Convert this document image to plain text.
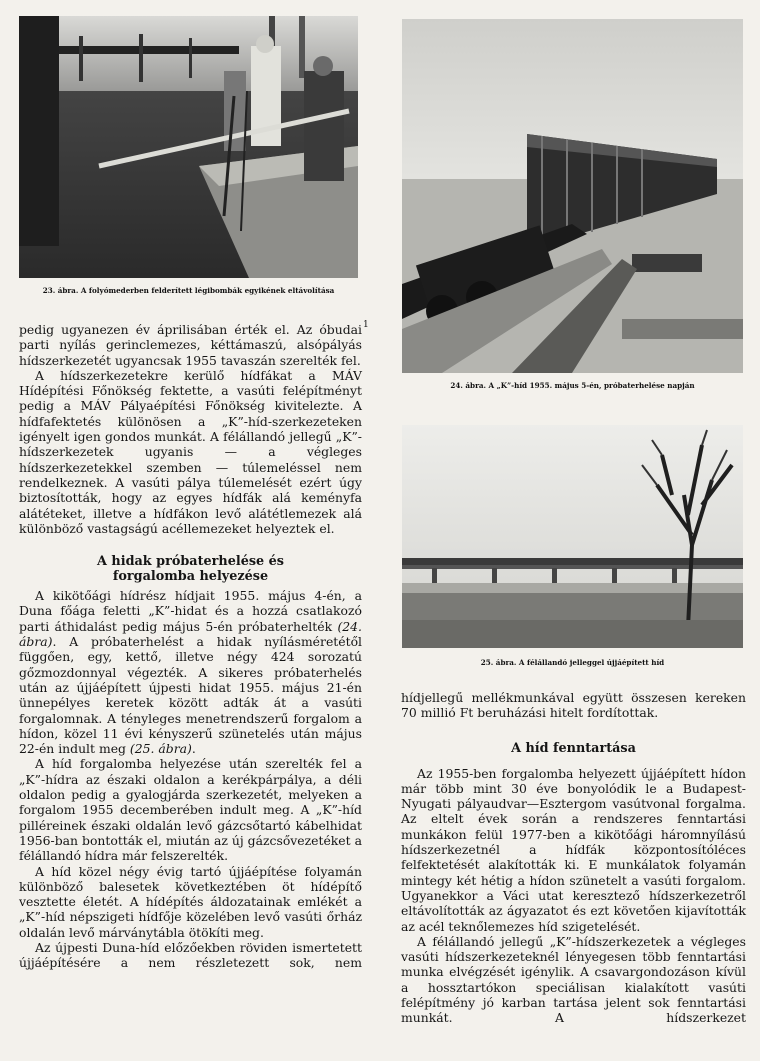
23. ábra. A folyómederben felderített légibombák egyikének eltávolítása
24. ábra. A „K”-híd 1955. május 5-én, próbaterhelése napján
25. ábra. A félállandó jelleggel újjáépített híd

pedig ugyanezen év áprilisában érték el. Az óbudai parti nyílás gerinclemezes, kéttámaszú, alsópályás hídszerkezetét ugyancsak 1955 tavaszán szerelték fel.

A hídszerkezetekre kerülő hídfákat a MÁV Hídépítési Főnökség fektette, a vasúti felépítményt pedig a MÁV Pályaépítési Főnökség kivitelezte. A hídfafektetés különösen a „K”-híd-szerkezeteken igényelt igen gondos munkát. A félállandó jellegű „K”-hídszerkezetek ugyanis — a végleges hídszerkezetekkel szemben — túlemeléssel nem rendelkeznek. A vasúti pálya túlemelését ezért úgy biztosították, hogy az egyes hídfák alá keményfa alátéteket, illetve a hídfákon levő alátétlemezek alá különböző vastagságú acéllemezeket helyeztek el.

A hidak próbaterhelése és
forgalomba helyezése

A kikötőági hídrész hídjait 1955. május 4-én, a Duna főága feletti „K”-hidat és a hozzá csatlakozó parti áthidalást pedig május 5-én próbaterhelték (24. ábra). A próbaterhelést a hidak nyílásméretétől függően, egy, kettő, illetve négy 424 sorozatú gőzmozdonnyal végezték. A sikeres próbaterhelés után az újjáépített újpesti hidat 1955. május 21-én ünnepélyes keretek között adták át a vasúti forgalomnak. A tényleges menetrendszerű forgalom a hídon, közel 11 évi kényszerű szünetelés után május 22-én indult meg (25. ábra).

A híd forgalomba helyezése után szerelték fel a „K”-hídra az északi oldalon a kerékpárpálya, a déli oldalon pedig a gyalogjárda szerkezetét, melyeken a forgalom 1955 decemberében indult meg. A „K”-híd pilléreinek északi oldalán levő gázcsőtartó kábelhidat 1956-ban bontották el, miután az új gázcsővezetéket a félállandó hídra már felszerelték.

A híd közel négy évig tartó újjáépítése folyamán különböző balesetek következtében öt hídépítő vesztette életét. A hídépítés áldozatainak emlékét a „K”-híd népszigeti hídfője közelében levő vasúti őrház oldalán levő márványtábla ötökíti meg.

Az újpesti Duna-híd előzőekben röviden ismertetett újjáépítésére a nem részletezett sok, nem

1

hídjellegű mellékmunkával együtt összesen kereken 70 millió Ft beruházási hitelt fordítottak.

A híd fenntartása

Az 1955-ben forgalomba helyezett újjáépített hídon már több mint 30 éve bonyolódik le a Budapest-Nyugati pályaudvar—Esztergom vasútvonal forgalma. Az eltelt évek során a rendszeres fenntartási munkákon felül 1977-ben a kikötőági háromnyílású hídszerkezetnél a hídfák központosítóléces felfektetését alakították ki. E munkálatok folyamán mintegy két hétig a hídon szünetelt a vasúti forgalom. Ugyanekkor a Váci utat keresztező hídszerkezetről eltávolították az ágyazatot és ezt követően kijavították az acél teknőlemezes híd szigetelését.

A félállandó jellegű „K”-hídszerkezetek a végleges vasúti hídszerkezeteknél lényegesen több fenntartási munka elvégzését igénylik. A csavargondozáson kívül a hossztartókon speciálisan kialakított vasúti felépítmény jó karban tartása jelent sok fenntartási munkát. A hídszerkezet
